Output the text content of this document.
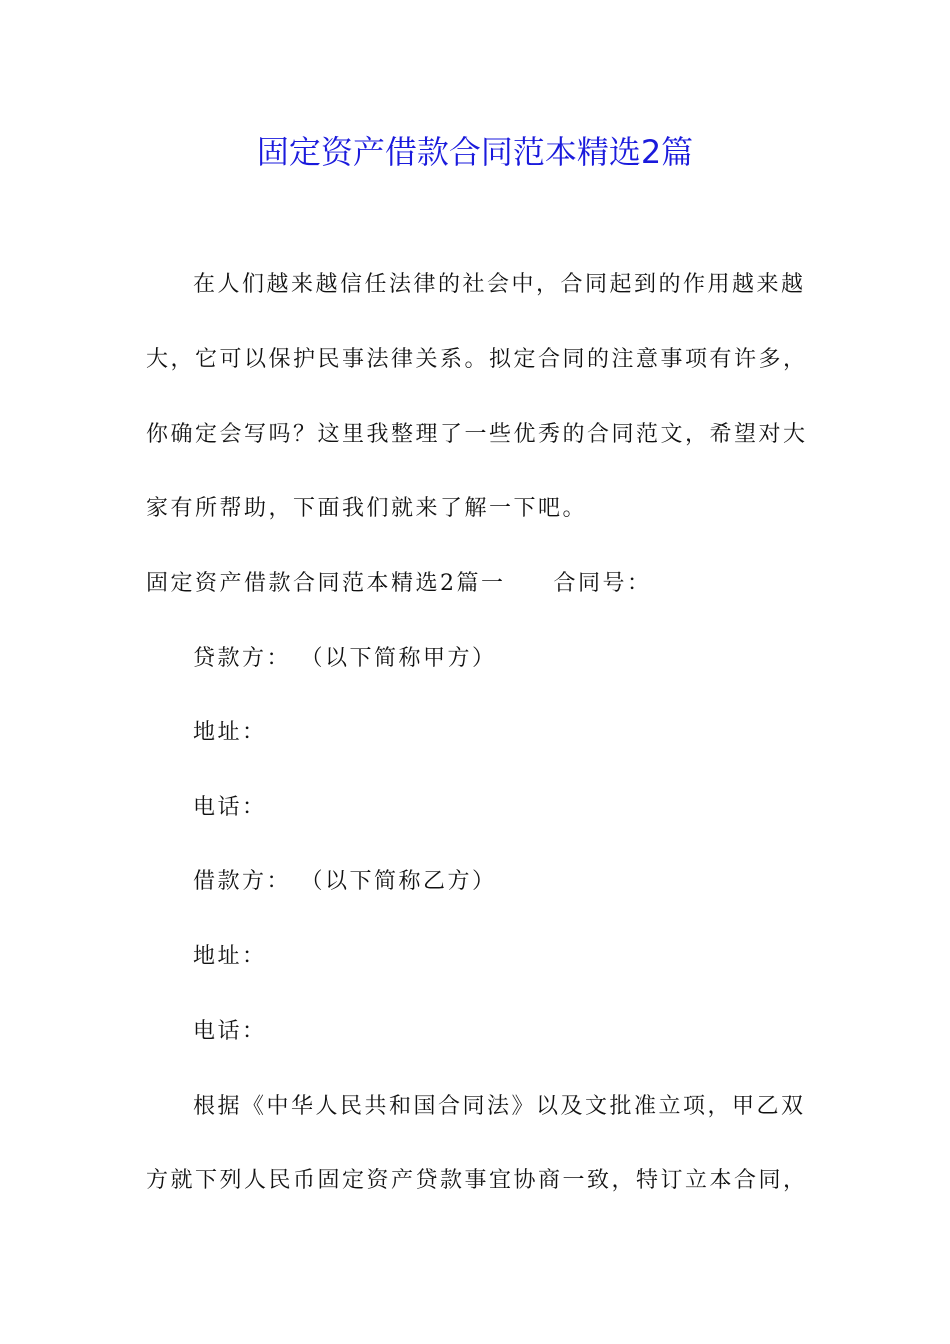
固定资产借款合同范本精选2篇
在人们越来越信任法律的社会中，合同起到的作用越来越
大，它可以保护民事法律关系。拟定合同的注意事项有许多，
你确定会写吗？这里我整理了一些优秀的合同范文，希望对大
家有所帮助，下面我们就来了解一下吧。
固定资产借款合同范本精选2篇一 合同号：
贷款方： （以下简称甲方）
地址：
电话：
借款方： （以下简称乙方）
地址：
电话：
根据《中华人民共和国合同法》以及文批准立项，甲乙双
方就下列人民币固定资产贷款事宜协商一致，特订立本合同，
